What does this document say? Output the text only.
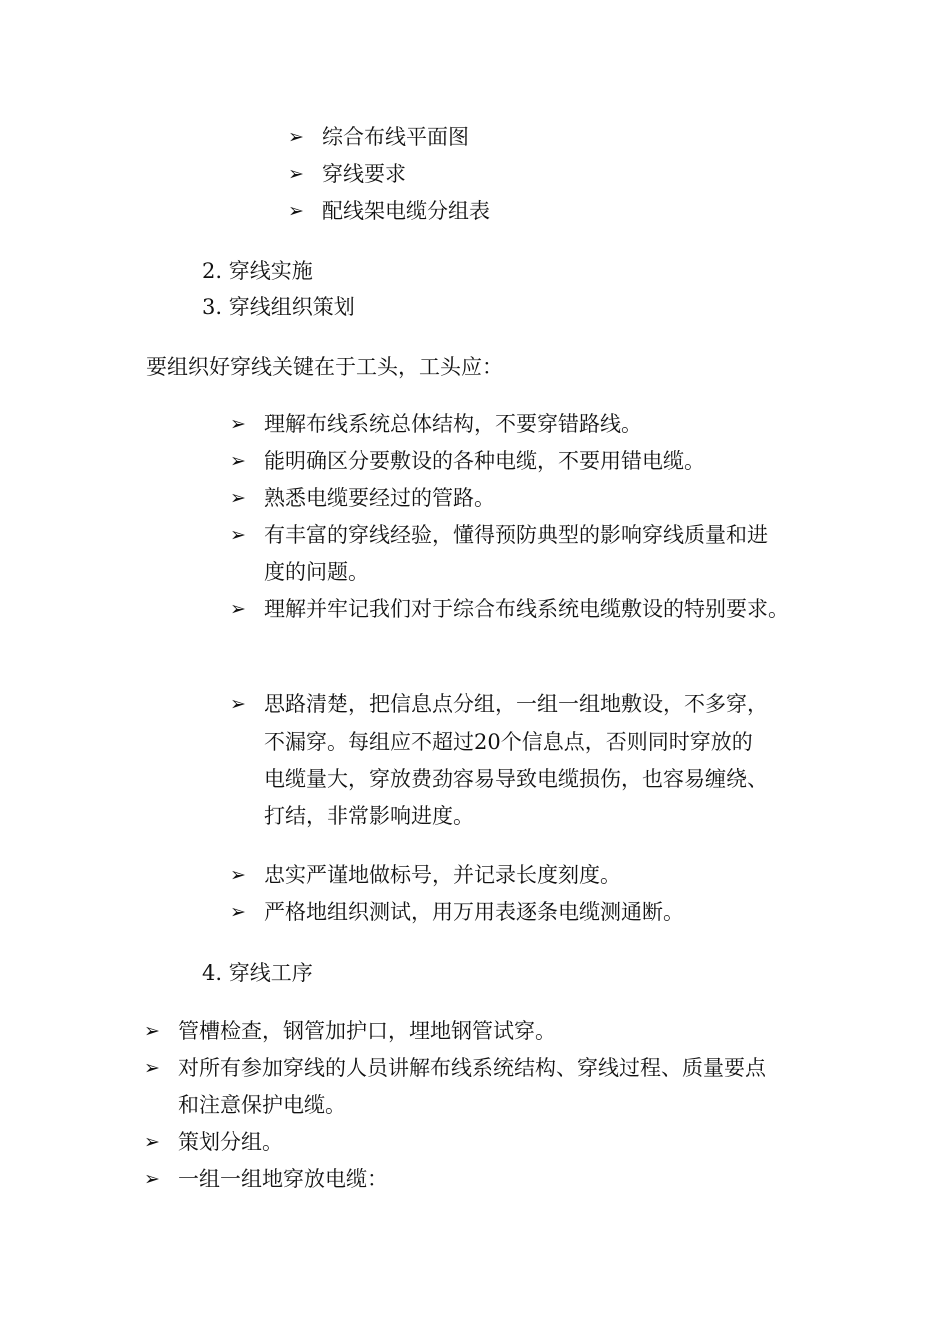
➢ 综合布线平面图
➢ 穿线要求
➢ 配线架电缆分组表
2. 穿线实施
3. 穿线组织策划
要组织好穿线关键在于工头，工头应：
➢ 理解布线系统总体结构，不要穿错路线。
➢ 能明确区分要敷设的各种电缆，不要用错电缆。
➢ 熟悉电缆要经过的管路。
➢ 有丰富的穿线经验，懂得预防典型的影响穿线质量和进
度的问题。
➢ 理解并牢记我们对于综合布线系统电缆敷设的特别要求。
➢ 思路清楚，把信息点分组，一组一组地敷设，不多穿，
不漏穿。每组应不超过20个信息点，否则同时穿放的
电缆量大，穿放费劲容易导致电缆损伤，也容易缠绕、
打结，非常影响进度。
➢ 忠实严谨地做标号，并记录长度刻度。
➢ 严格地组织测试，用万用表逐条电缆测通断。
4. 穿线工序
➢ 管槽检查，钢管加护口，埋地钢管试穿。
➢ 对所有参加穿线的人员讲解布线系统结构、穿线过程、质量要点
和注意保护电缆。
➢ 策划分组。
➢ 一组一组地穿放电缆：
